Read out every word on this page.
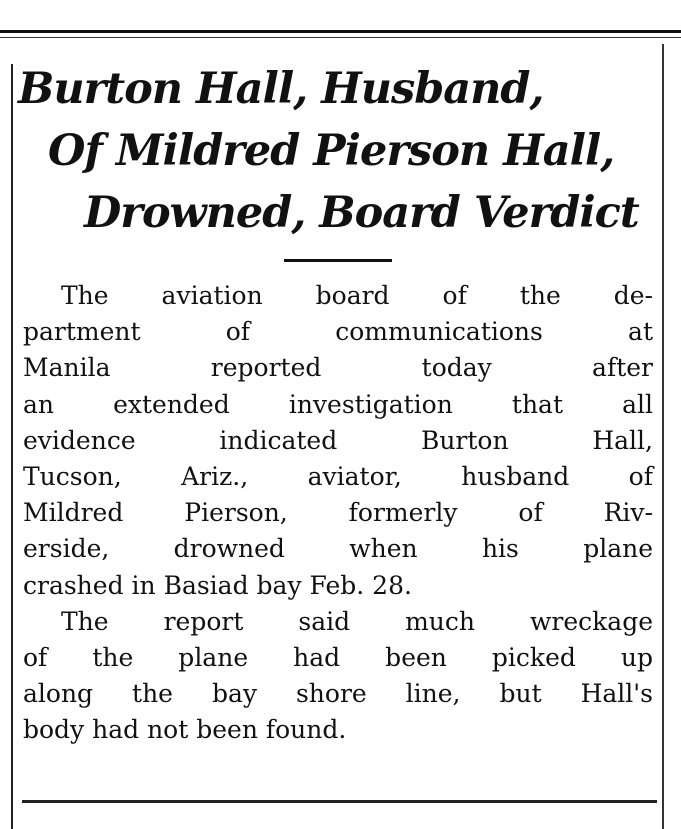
Burton Hall, Husband,
Of Mildred Pierson Hall,
Drowned, Board Verdict

The aviation board of the de-
partment of communications at
Manila reported today after
an extended investigation that all
evidence indicated Burton Hall,
Tucson, Ariz., aviator, husband of
Mildred Pierson, formerly of Riv-
erside, drowned when his plane
crashed in Basiad bay Feb. 28.

The report said much wreckage
of the plane had been picked up
along the bay shore line, but Hall's
body had not been found.
